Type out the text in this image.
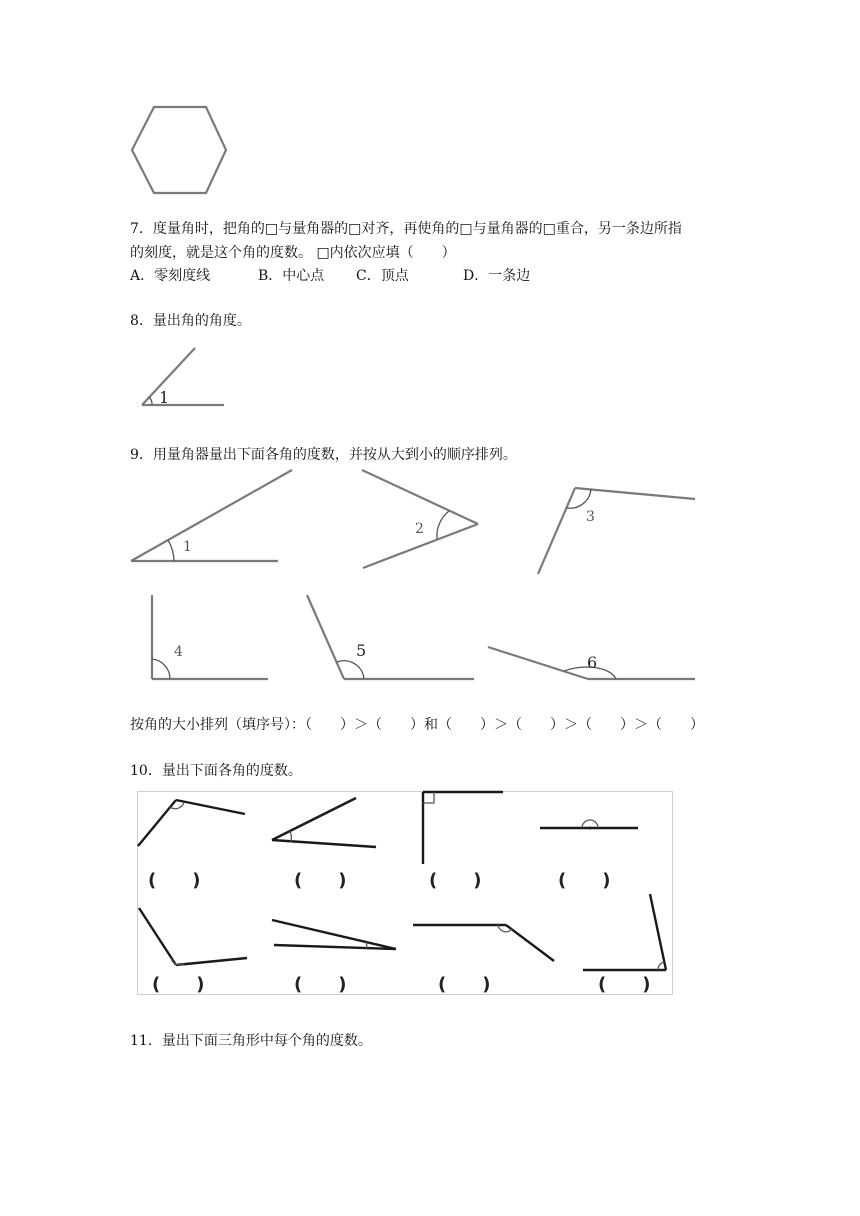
7．度量角时，把角的□与量角器的□对齐，再使角的□与量角器的□重合，另一条边所指
的刻度，就是这个角的度数。 □内依次应填（　　）
A．零刻度线	B．中心点 C．顶点	D．一条边
8．量出角的角度。
1
9．用量角器量出下面各角的度数，并按从大到小的顺序排列。
1
2
3
4	5
6
按角的大小排列（填序号）：（　　）＞（　　）和（　　）＞（　　）＞（　　）＞（　　）
10．量出下面各角的度数。
(　　)	(　　)	(　　)	(　　)
(　　)	(　　)	(　　)	(　　)
11．量出下面三角形中每个角的度数。
